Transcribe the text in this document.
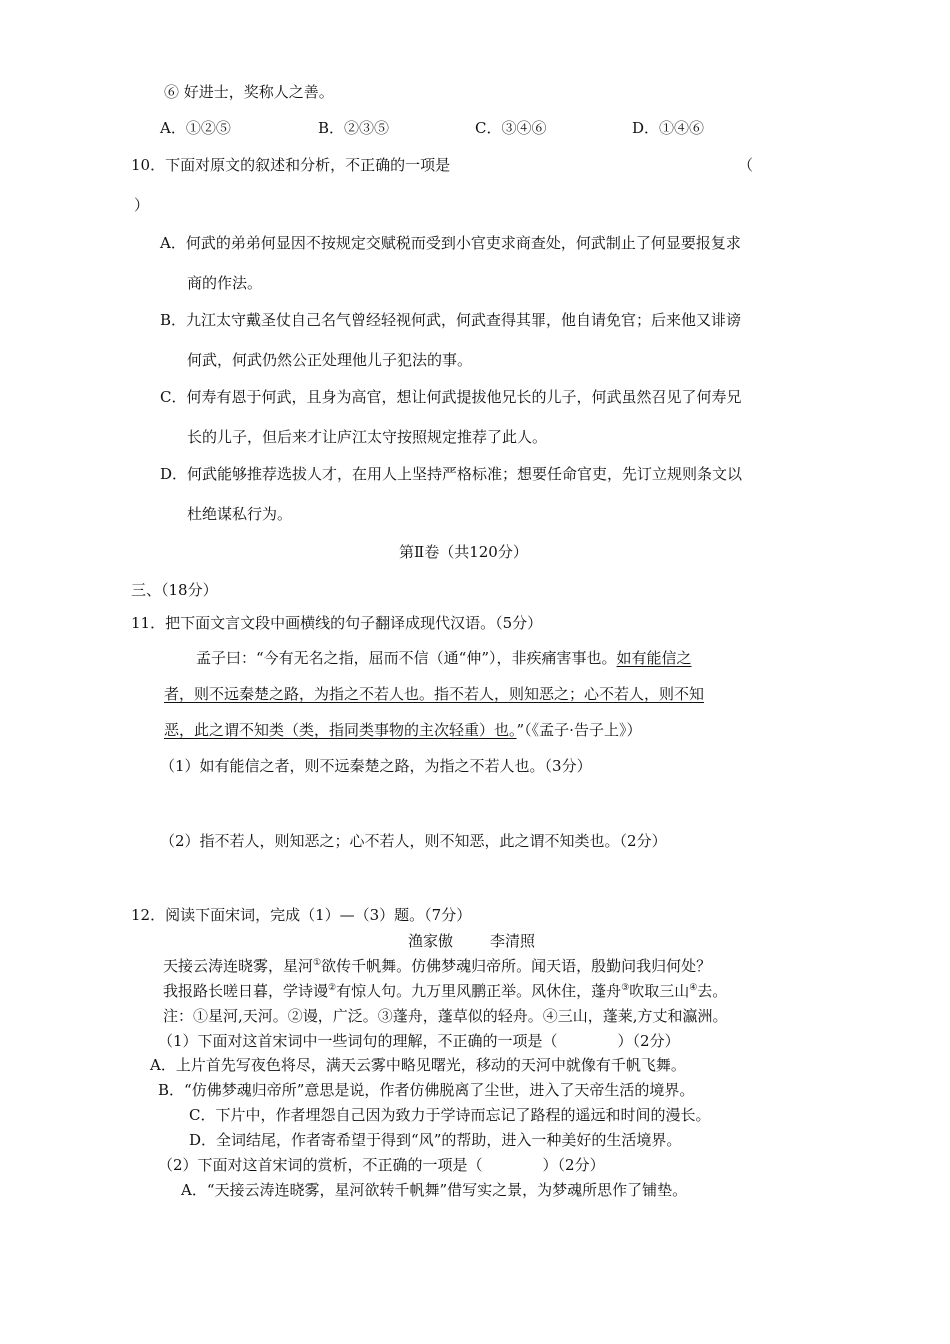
⑥ 好进士，奖称人之善。
A．①②⑤	B．②③⑤	C．③④⑥	D．①④⑥
10．下面对原文的叙述和分析，不正确的一项是	（
）
A．何武的弟弟何显因不按规定交赋税而受到小官吏求商查处，何武制止了何显要报复求
商的作法。
B．九江太守戴圣仗自己名气曾经轻视何武，何武查得其罪，他自请免官；后来他又诽谤
何武，何武仍然公正处理他儿子犯法的事。
C．何寿有恩于何武，且身为高官，想让何武提拔他兄长的儿子，何武虽然召见了何寿兄
长的儿子，但后来才让庐江太守按照规定推荐了此人。
D．何武能够推荐选拔人才，在用人上坚持严格标准；想要任命官吏，先订立规则条文以
杜绝谋私行为。
第Ⅱ卷（共120分）
三、（18分）
11．把下面文言文段中画横线的句子翻译成现代汉语。（5分）
孟子曰：“今有无名之指，屈而不信（通“伸”），非疾痛害事也。如有能信之
者，则不远秦楚之路，为指之不若人也。指不若人，则知恶之；心不若人，则不知
恶，此之谓不知类（类，指同类事物的主次轻重）也。”（《孟子·告子上》）
（1）如有能信之者，则不远秦楚之路，为指之不若人也。（3分）
（2）指不若人，则知恶之；心不若人，则不知恶，此之谓不知类也。（2分）
12．阅读下面宋词，完成（1）—（3）题。（7分）
渔家傲 李清照
天接云涛连晓雾，星河①欲传千帆舞。仿佛梦魂归帝所。闻天语，殷勤问我归何处？
我报路长嗟日暮，学诗谩②有惊人句。九万里风鹏正举。风休住，蓬舟③吹取三山④去。
注：①星河,天河。②谩，广泛。③蓬舟，蓬草似的轻舟。④三山，蓬莱,方丈和瀛洲。
（1）下面对这首宋词中一些词句的理解，不正确的一项是（　　　　）（2分）
A．上片首先写夜色将尽，满天云雾中略见曙光，移动的天河中就像有千帆飞舞。
B．“仿佛梦魂归帝所”意思是说，作者仿佛脱离了尘世，进入了天帝生活的境界。
C．下片中，作者埋怨自己因为致力于学诗而忘记了路程的遥远和时间的漫长。
D．全词结尾，作者寄希望于得到“风”的帮助，进入一种美好的生活境界。
（2）下面对这首宋词的赏析，不正确的一项是（　　　　）（2分）
A．“天接云涛连晓雾，星河欲转千帆舞”借写实之景，为梦魂所思作了铺垫。
